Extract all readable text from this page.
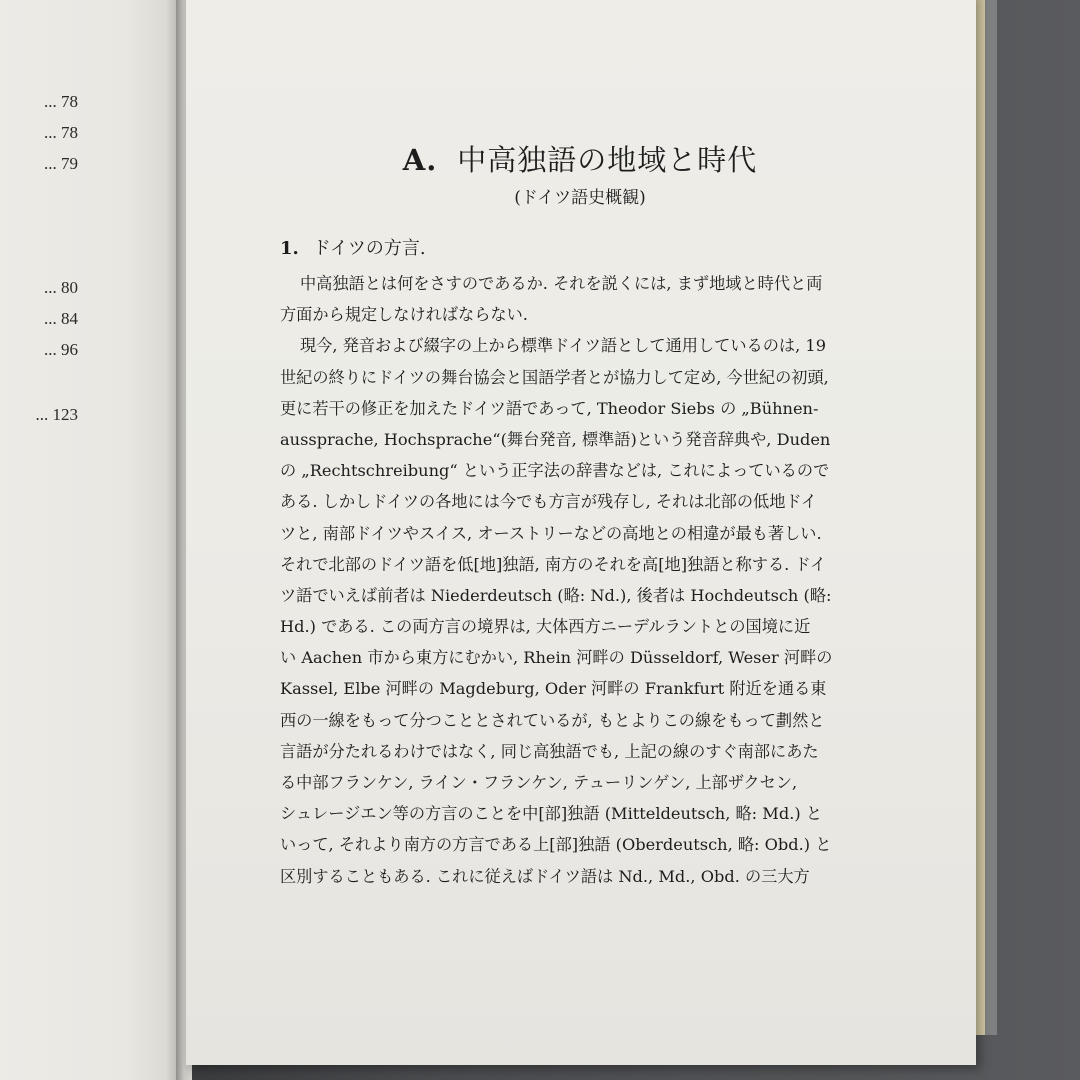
... 78
... 78
... 79
... 80
... 84
... 96
... 123
A. 中高独語の地域と時代
(ドイツ語史概観)
1. ドイツの方言.
中高独語とは何をさすのであるか. それを説くには, まず地域と時代と両
方面から規定しなければならない.
現今, 発音および綴字の上から標準ドイツ語として通用しているのは, 19
世紀の終りにドイツの舞台協会と国語学者とが協力して定め, 今世紀の初頭,
更に若干の修正を加えたドイツ語であって, Theodor Siebs の „Bühnen-
aussprache, Hochsprache“(舞台発音, 標準語)という発音辞典や, Duden
の „Rechtschreibung“ という正字法の辞書などは, これによっているので
ある. しかしドイツの各地には今でも方言が残存し, それは北部の低地ドイ
ツと, 南部ドイツやスイス, オーストリーなどの高地との相違が最も著しい.
それで北部のドイツ語を低[地]独語, 南方のそれを高[地]独語と称する. ドイ
ツ語でいえば前者は Niederdeutsch (略: Nd.), 後者は Hochdeutsch (略:
Hd.) である. この両方言の境界は, 大体西方ニーデルラントとの国境に近
い Aachen 市から東方にむかい, Rhein 河畔の Düsseldorf, Weser 河畔の
Kassel, Elbe 河畔の Magdeburg, Oder 河畔の Frankfurt 附近を通る東
西の一線をもって分つこととされているが, もとよりこの線をもって劃然と
言語が分たれるわけではなく, 同じ高独語でも, 上記の線のすぐ南部にあた
る中部フランケン, ライン・フランケン, テューリンゲン, 上部ザクセン,
シュレージエン等の方言のことを中[部]独語 (Mitteldeutsch, 略: Md.) と
いって, それより南方の方言である上[部]独語 (Oberdeutsch, 略: Obd.) と
区別することもある. これに従えばドイツ語は Nd., Md., Obd. の三大方
